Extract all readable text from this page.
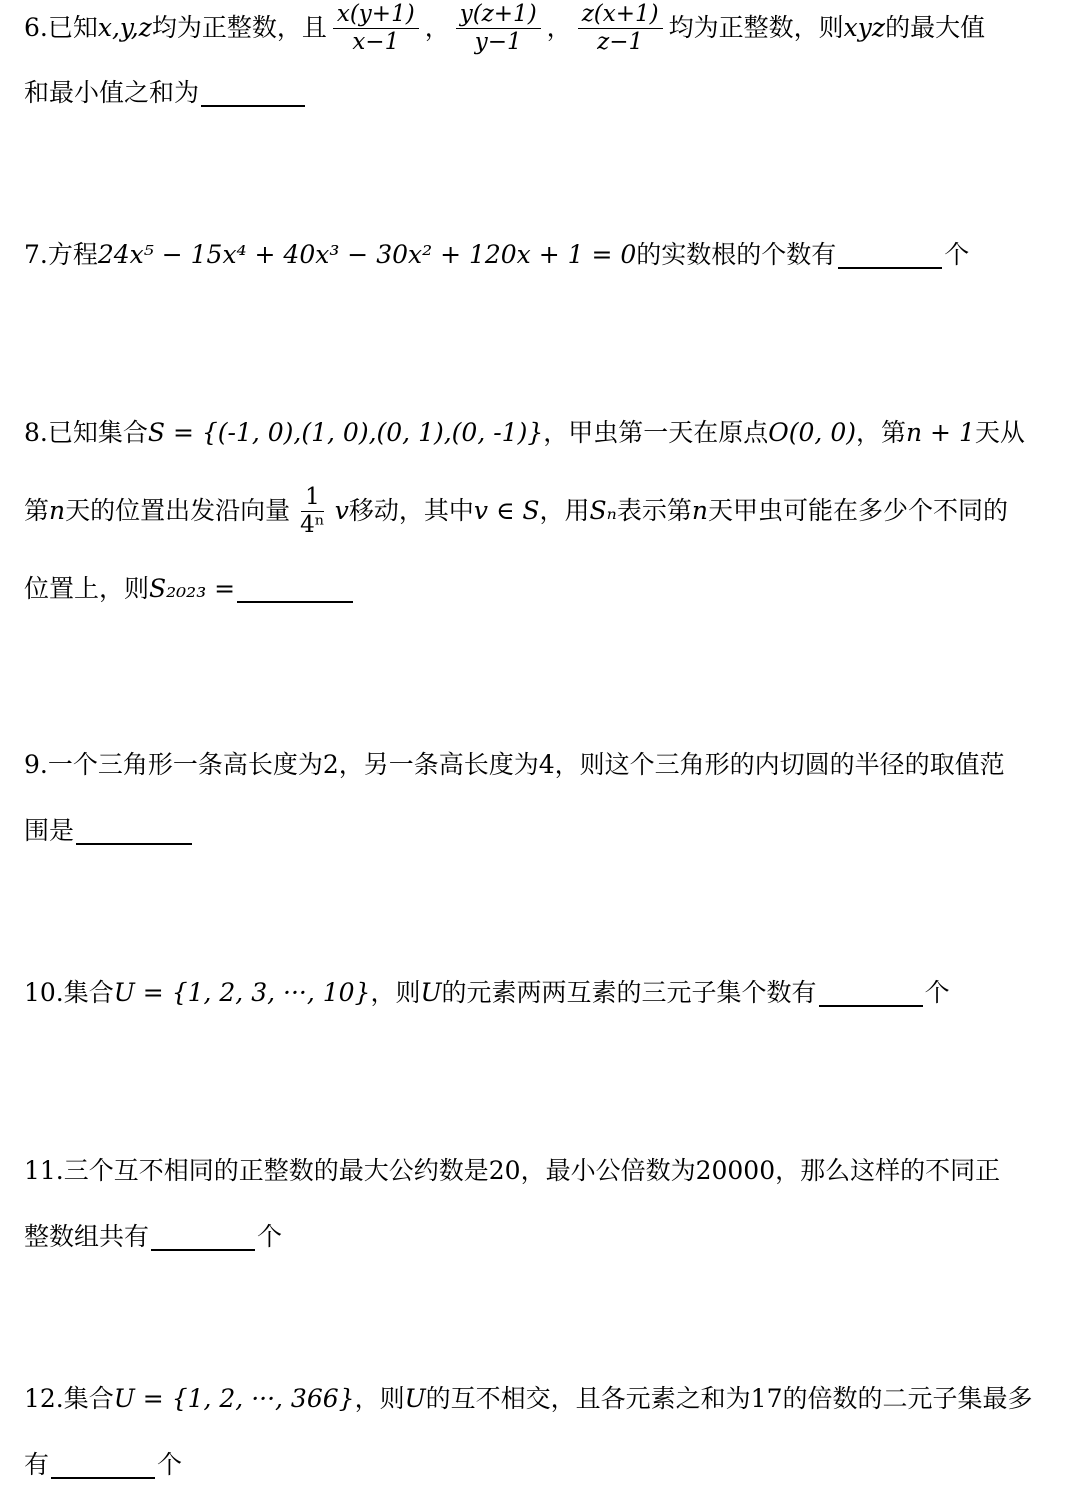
6. 已知 x,y,z 均为正整数，且 $\frac{x(y+1)}{x-1}$ ， $\frac{y(z+1)}{y-1}$ ， $\frac{z(x+1)}{z-1}$ 均为正整数，则 xyz 的最大值
和最小值之和为
7. 方程 24x⁵ − 15x⁴ + 40x³ − 30x² + 120x + 1 = 0 的实数根的个数有	个
8. 已知集合 S = {(-1, 0),(1, 0),(0, 1),(0, -1)} ，甲虫第一天在原点 O(0, 0) ，第 n + 1 天从
第 n 天的位置出发沿向量 $\frac{1}{\text{4ⁿ}}$ v 移动，其中 v ∈ S ，用 Sₙ 表示第 n 天甲虫可能在多少个不同的
位置上，则 S₂₀₂₃ =
9. 一个三角形一条高长度为2，另一条高长度为4，则这个三角形的内切圆的半径的取值范
围是
10. 集合 U = {1, 2, 3, ···, 10} ，则 U 的元素两两互素的三元子集个数有	个
11. 三个互不相同的正整数的最大公约数是20，最小公倍数为20000，那么这样的不同正
整数组共有	个
12. 集合 U = {1, 2, ···, 366} ，则 U 的互不相交，且各元素之和为17的倍数的二元子集最多
有	个
